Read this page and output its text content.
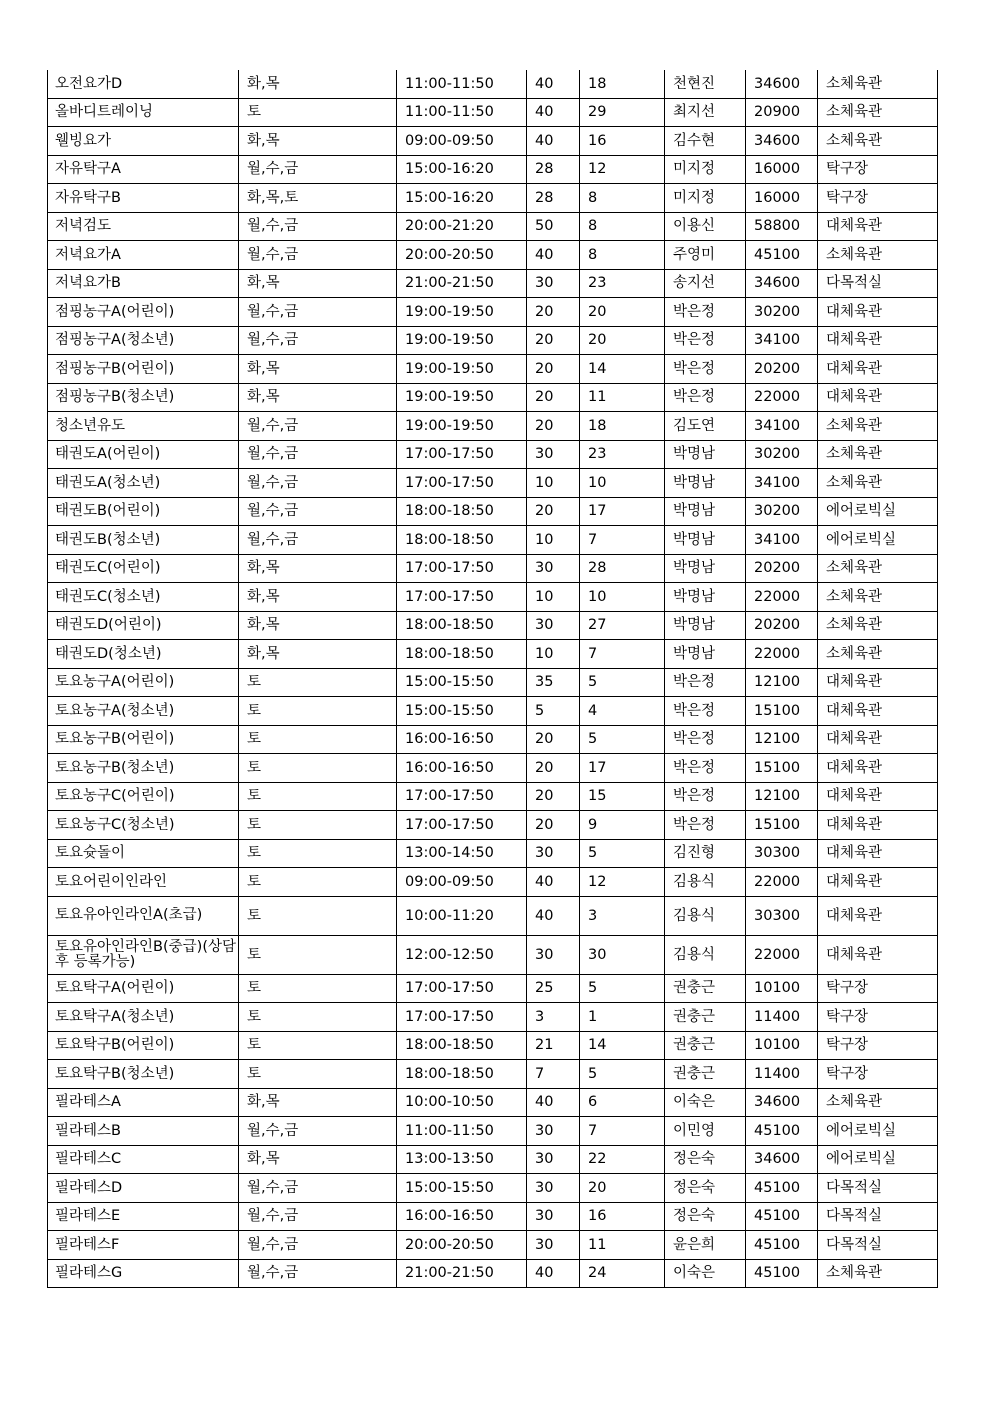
오전요가D	화,목	11:00-11:50	40	18	천현진	34600	소체육관
올바디트레이닝	토	11:00-11:50	40	29	최지선	20900	소체육관
웰빙요가	화,목	09:00-09:50	40	16	김수현	34600	소체육관
자유탁구A	월,수,금	15:00-16:20	28	12	미지정	16000	탁구장
자유탁구B	화,목,토	15:00-16:20	28	8	미지정	16000	탁구장
저녁검도	월,수,금	20:00-21:20	50	8	이용신	58800	대체육관
저녁요가A	월,수,금	20:00-20:50	40	8	주영미	45100	소체육관
저녁요가B	화,목	21:00-21:50	30	23	송지선	34600	다목적실
점핑농구A(어린이)	월,수,금	19:00-19:50	20	20	박은정	30200	대체육관
점핑농구A(청소년)	월,수,금	19:00-19:50	20	20	박은정	34100	대체육관
점핑농구B(어린이)	화,목	19:00-19:50	20	14	박은정	20200	대체육관
점핑농구B(청소년)	화,목	19:00-19:50	20	11	박은정	22000	대체육관
청소년유도	월,수,금	19:00-19:50	20	18	김도연	34100	소체육관
태권도A(어린이)	월,수,금	17:00-17:50	30	23	박명남	30200	소체육관
태권도A(청소년)	월,수,금	17:00-17:50	10	10	박명남	34100	소체육관
태권도B(어린이)	월,수,금	18:00-18:50	20	17	박명남	30200	에어로빅실
태권도B(청소년)	월,수,금	18:00-18:50	10	7	박명남	34100	에어로빅실
태권도C(어린이)	화,목	17:00-17:50	30	28	박명남	20200	소체육관
태권도C(청소년)	화,목	17:00-17:50	10	10	박명남	22000	소체육관
태권도D(어린이)	화,목	18:00-18:50	30	27	박명남	20200	소체육관
태권도D(청소년)	화,목	18:00-18:50	10	7	박명남	22000	소체육관
토요농구A(어린이)	토	15:00-15:50	35	5	박은정	12100	대체육관
토요농구A(청소년)	토	15:00-15:50	5	4	박은정	15100	대체육관
토요농구B(어린이)	토	16:00-16:50	20	5	박은정	12100	대체육관
토요농구B(청소년)	토	16:00-16:50	20	17	박은정	15100	대체육관
토요농구C(어린이)	토	17:00-17:50	20	15	박은정	12100	대체육관
토요농구C(청소년)	토	17:00-17:50	20	9	박은정	15100	대체육관
토요슛돌이	토	13:00-14:50	30	5	김진형	30300	대체육관
토요어린이인라인	토	09:00-09:50	40	12	김용식	22000	대체육관
토요유아인라인A(초급)	토	10:00-11:20	40	3	김용식	30300	대체육관
토요유아인라인B(중급)(상담 후 등록가능)	토	12:00-12:50	30	30	김용식	22000	대체육관
토요탁구A(어린이)	토	17:00-17:50	25	5	권충근	10100	탁구장
토요탁구A(청소년)	토	17:00-17:50	3	1	권충근	11400	탁구장
토요탁구B(어린이)	토	18:00-18:50	21	14	권충근	10100	탁구장
토요탁구B(청소년)	토	18:00-18:50	7	5	권충근	11400	탁구장
필라테스A	화,목	10:00-10:50	40	6	이숙은	34600	소체육관
필라테스B	월,수,금	11:00-11:50	30	7	이민영	45100	에어로빅실
필라테스C	화,목	13:00-13:50	30	22	정은숙	34600	에어로빅실
필라테스D	월,수,금	15:00-15:50	30	20	정은숙	45100	다목적실
필라테스E	월,수,금	16:00-16:50	30	16	정은숙	45100	다목적실
필라테스F	월,수,금	20:00-20:50	30	11	윤은희	45100	다목적실
필라테스G	월,수,금	21:00-21:50	40	24	이숙은	45100	소체육관
